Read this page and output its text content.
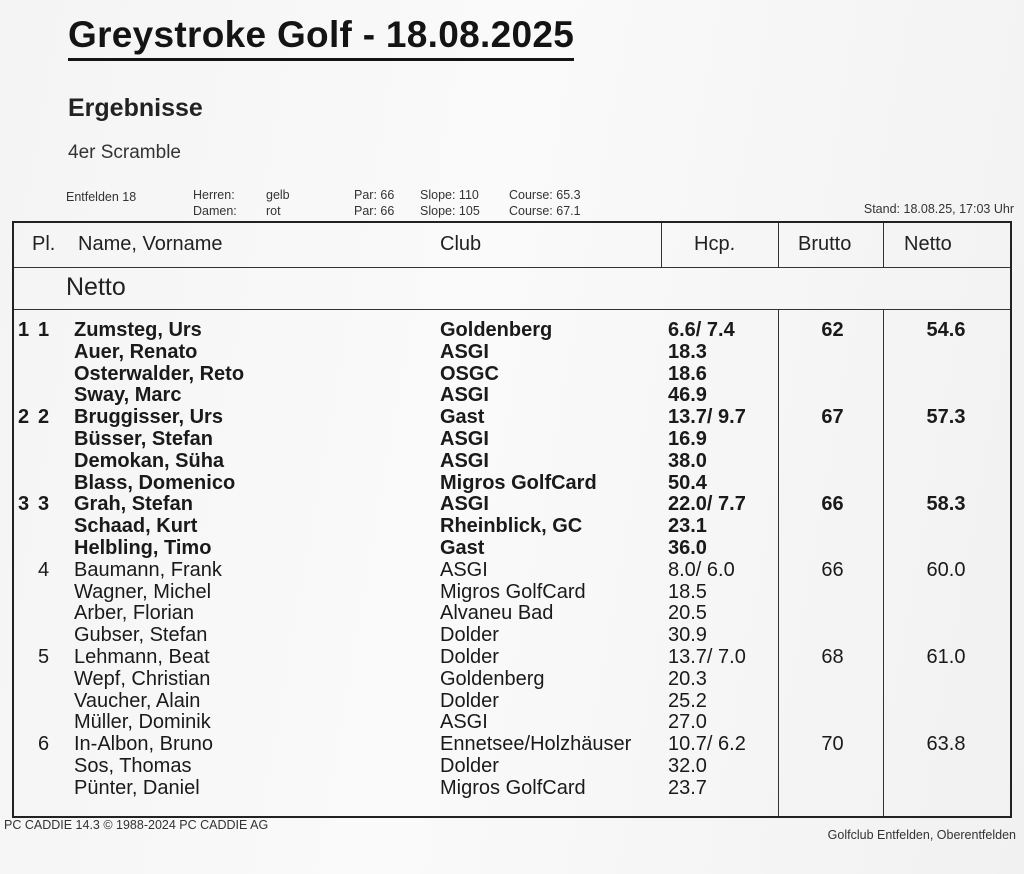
Greystroke Golf - 18.08.2025
Ergebnisse
4er Scramble
Entfelden 18	Herren:	gelb	Par: 66 Slope: 110 Course: 65.3
Damen: rot	Par: 66 Slope: 105 Course: 67.1	Stand: 18.08.25, 17:03 Uhr
Pl. Name, Vorname	Club	Hcp.	Brutto	Netto
Netto
1 1 Zumsteg, Urs	Goldenberg	6.6/ 7.4	62	54.6
Auer, Renato	ASGI	18.3
Osterwalder, Reto	OSGC	18.6
Sway, Marc	ASGI	46.9
2 2 Bruggisser, Urs	Gast	13.7/ 9.7	67	57.3
Büsser, Stefan	ASGI	16.9
Demokan, Süha	ASGI	38.0
Blass, Domenico	Migros GolfCard	50.4
3 3 Grah, Stefan	ASGI	22.0/ 7.7	66	58.3
Schaad, Kurt	Rheinblick, GC	23.1
Helbling, Timo	Gast	36.0
4 Baumann, Frank	ASGI	8.0/ 6.0	66	60.0
Wagner, Michel	Migros GolfCard	18.5
Arber, Florian	Alvaneu Bad	20.5
Gubser, Stefan	Dolder	30.9
5 Lehmann, Beat	Dolder	13.7/ 7.0	68	61.0
Wepf, Christian	Goldenberg	20.3
Vaucher, Alain	Dolder	25.2
Müller, Dominik	ASGI	27.0
6 In-Albon, Bruno	Ennetsee/Holzhäuser	10.7/ 6.2	70	63.8
Sos, Thomas	Dolder	32.0
Pünter, Daniel	Migros GolfCard	23.7
PC CADDIE 14.3 © 1988-2024 PC CADDIE AG
Golfclub Entfelden, Oberentfelden
